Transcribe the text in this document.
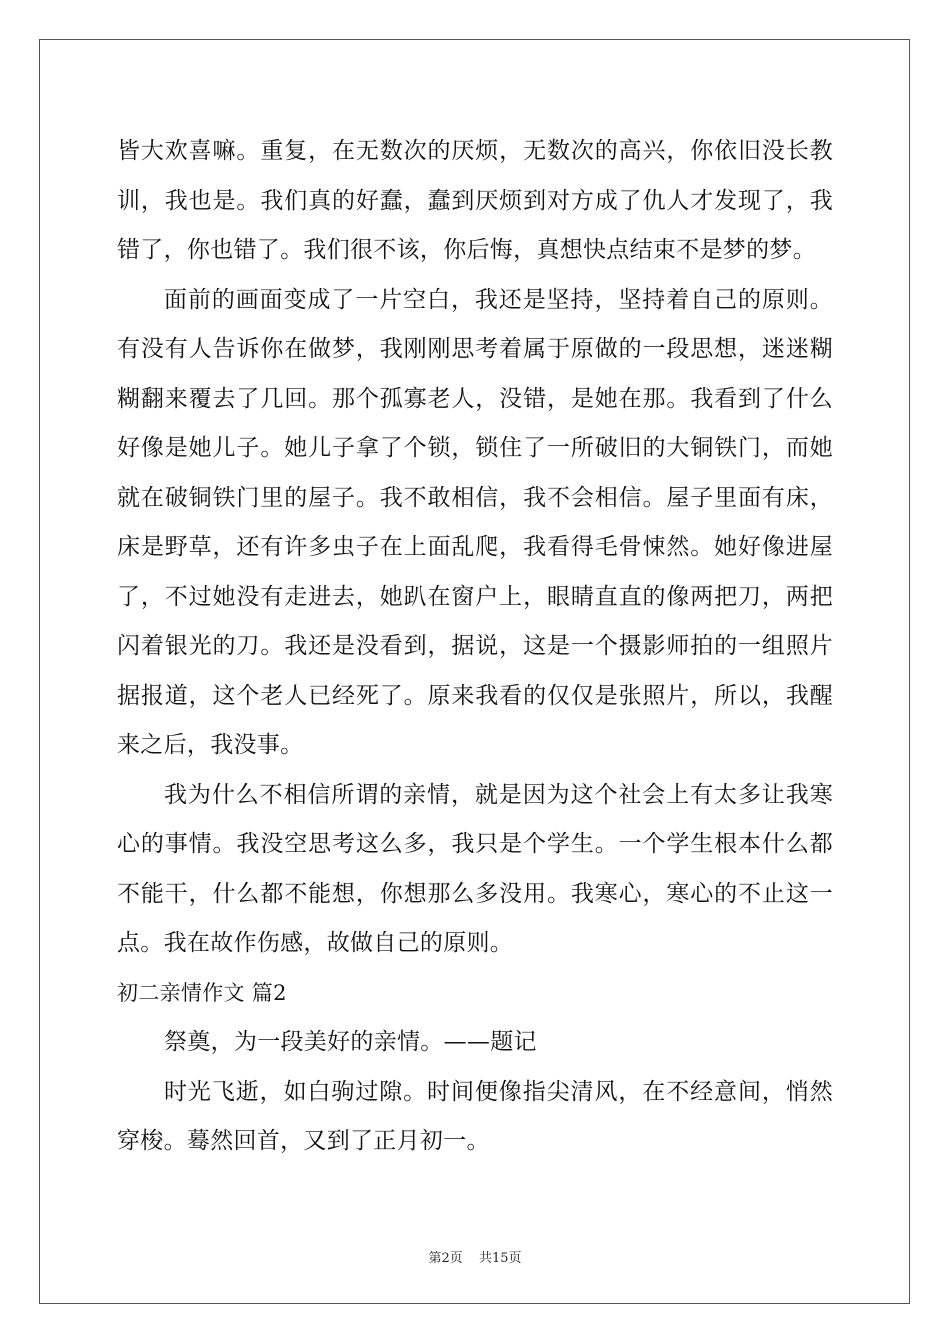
皆大欢喜嘛。重复，在无数次的厌烦，无数次的高兴，你依旧没长教
训，我也是。我们真的好蠢，蠢到厌烦到对方成了仇人才发现了，我
错了，你也错了。我们很不该，你后悔，真想快点结束不是梦的梦。
面前的画面变成了一片空白，我还是坚持，坚持着自己的原则。
有没有人告诉你在做梦，我刚刚思考着属于原做的一段思想，迷迷糊
糊翻来覆去了几回。那个孤寡老人，没错，是她在那。我看到了什么
好像是她儿子。她儿子拿了个锁，锁住了一所破旧的大铜铁门，而她
就在破铜铁门里的屋子。我不敢相信，我不会相信。屋子里面有床，
床是野草，还有许多虫子在上面乱爬，我看得毛骨悚然。她好像进屋
了，不过她没有走进去，她趴在窗户上，眼睛直直的像两把刀，两把
闪着银光的刀。我还是没看到，据说，这是一个摄影师拍的一组照片
据报道，这个老人已经死了。原来我看的仅仅是张照片，所以，我醒
来之后，我没事。
我为什么不相信所谓的亲情，就是因为这个社会上有太多让我寒
心的事情。我没空思考这么多，我只是个学生。一个学生根本什么都
不能干，什么都不能想，你想那么多没用。我寒心，寒心的不止这一
点。我在故作伤感，故做自己的原则。
初二亲情作文 篇2
祭奠，为一段美好的亲情。——题记
时光飞逝，如白驹过隙。时间便像指尖清风，在不经意间，悄然
穿梭。蓦然回首，又到了正月初一。
第2页 共15页
